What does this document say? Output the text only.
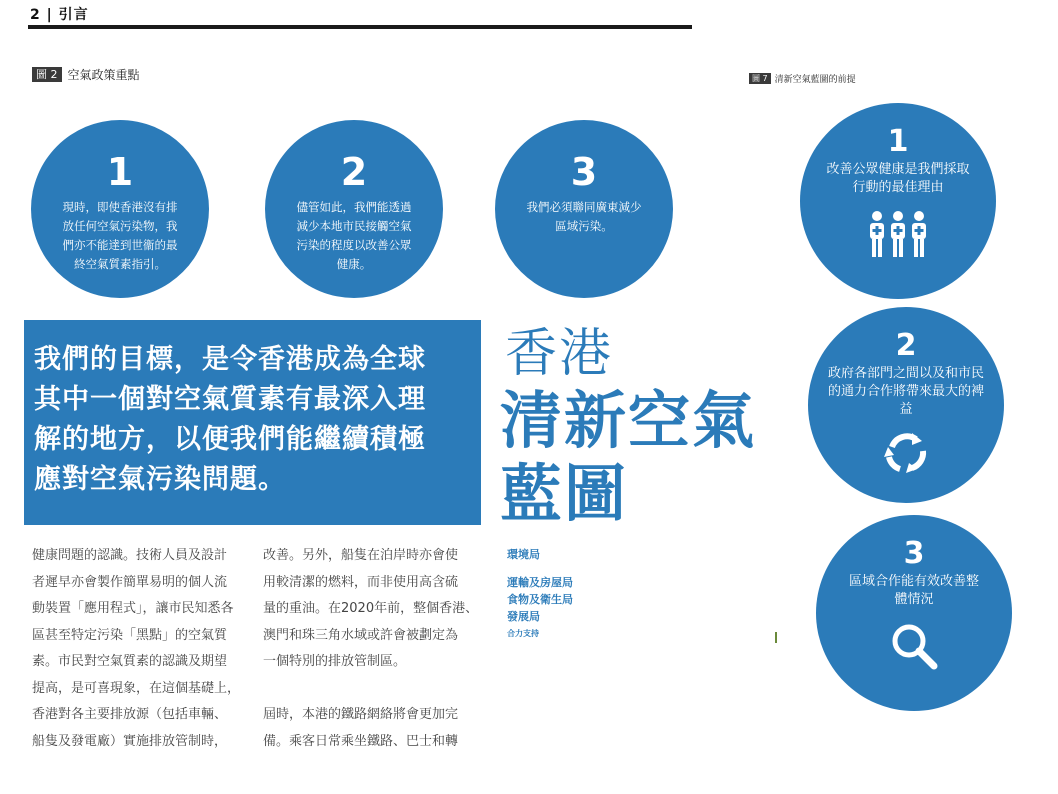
2 | 引言
圖 2 空氣政策重點
1
現時，即使香港沒有排放任何空氣污染物，我們亦不能達到世衞的最終空氣質素指引。
2
儘管如此，我們能透過減少本地市民接觸空氣污染的程度以改善公眾健康。
3
我們必須聯同廣東減少區域污染。
我們的目標，是令香港成為全球
其中一個對空氣質素有最深入理
解的地方，以便我們能繼續積極
應對空氣污染問題。
健康問題的認識。技術人員及設計
者遲早亦會製作簡單易明的個人流
動裝置「應用程式」，讓市民知悉各
區甚至特定污染「黑點」的空氣質
素。市民對空氣質素的認識及期望
提高，是可喜現象，在這個基礎上，
香港對各主要排放源（包括車輛、
船隻及發電廠）實施排放管制時，
改善。另外，船隻在泊岸時亦會使
用較清潔的燃料，而非使用高含硫
量的重油。在2020年前，整個香港、
澳門和珠三角水域或許會被劃定為
一個特別的排放管制區。
屆時，本港的鐵路網絡將會更加完
備。乘客日常乘坐鐵路、巴士和轉
香港
清新空氣
藍圖
環境局
運輸及房屋局
食物及衛生局
發展局
合力支持
圖 7 清新空氣藍圖的前提
1
改善公眾健康是我們採取行動的最佳理由
2
政府各部門之間以及和市民的通力合作將帶來最大的裨益
3
區域合作能有效改善整體情況
